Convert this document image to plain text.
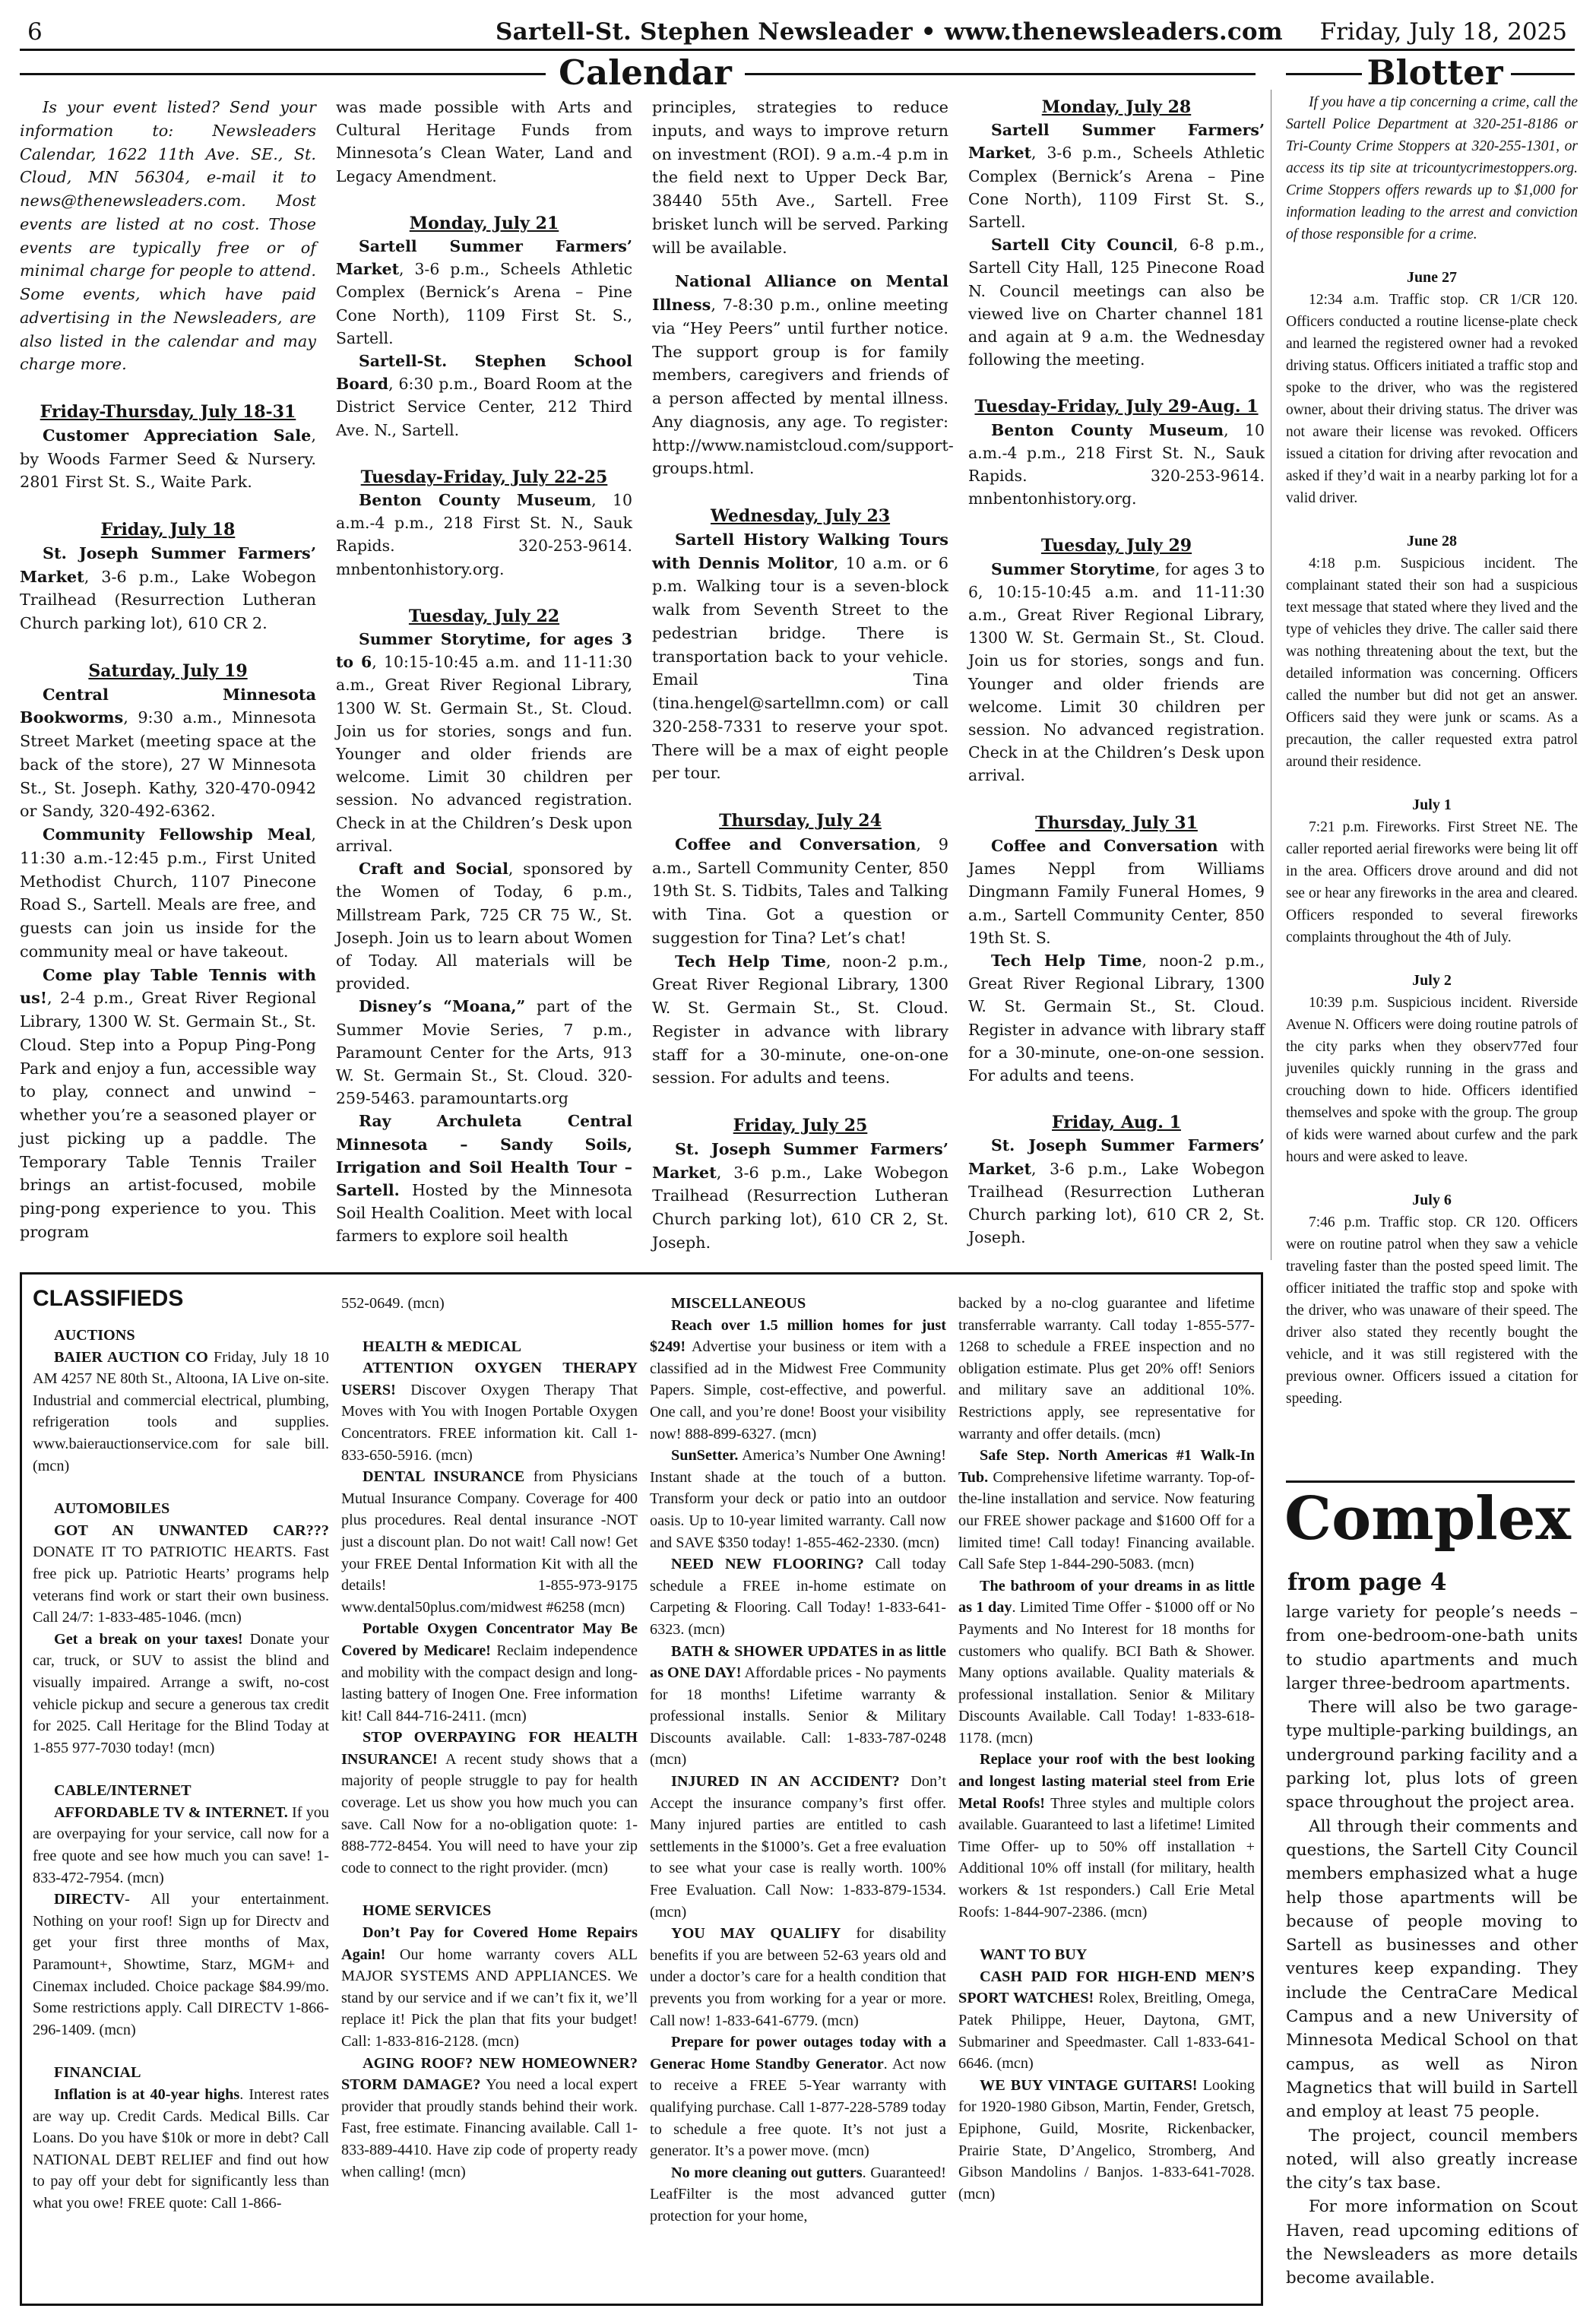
6	Sartell-St. Stephen Newsleader • www.thenewsleaders.com Friday, July 18, 2025
Calendar	Blotter

Is your event listed? Send your information to: Newsleaders Calendar, 1622 11th Ave. SE., St. Cloud, MN 56304, e-mail it to news@thenewsleaders.com. Most events are listed at no cost. Those events are typically free or of minimal charge for people to attend. Some events, which have paid advertising in the Newsleaders, are also listed in the calendar and may charge more.

Friday-Thursday, July 18-31

Customer Appreciation Sale, by Woods Farmer Seed & Nursery. 2801 First St. S., Waite Park.

Friday, July 18

St. Joseph Summer Farmers’ Market, 3-6 p.m., Lake Wobegon Trailhead (Resurrection Lutheran Church parking lot), 610 CR 2.

Saturday, July 19

Central Minnesota Bookworms, 9:30 a.m., Minnesota Street Market (meeting space at the back of the store), 27 W Minnesota St., St. Joseph. Kathy, 320-470-0942 or Sandy, 320-492-6362.

Community Fellowship Meal, 11:30 a.m.-12:45 p.m., First United Methodist Church, 1107 Pinecone Road S., Sartell. Meals are free, and guests can join us inside for the community meal or have takeout.

Come play Table Tennis with us!, 2-4 p.m., Great River Regional Library, 1300 W. St. Germain St., St. Cloud. Step into a Popup Ping-Pong Park and enjoy a fun, accessible way to play, connect and unwind – whether you’re a seasoned player or just picking up a paddle. The Temporary Table Tennis Trailer brings an artist-focused, mobile ping-pong experience to you. This program

was made possible with Arts and Cultural Heritage Funds from Minnesota’s Clean Water, Land and Legacy Amendment.

Monday, July 21

Sartell Summer Farmers’ Market, 3-6 p.m., Scheels Athletic Complex (Bernick’s Arena – Pine Cone North), 1109 First St. S., Sartell.

Sartell-St. Stephen School Board, 6:30 p.m., Board Room at the District Service Center, 212 Third Ave. N., Sartell.

Tuesday-Friday, July 22-25

Benton County Museum, 10 a.m.-4 p.m., 218 First St. N., Sauk Rapids. 320-253-9614. mnbentonhistory.org.

Tuesday, July 22

Summer Storytime, for ages 3 to 6, 10:15-10:45 a.m. and 11-11:30 a.m., Great River Regional Library, 1300 W. St. Germain St., St. Cloud. Join us for stories, songs and fun. Younger and older friends are welcome. Limit 30 children per session. No advanced registration. Check in at the Children’s Desk upon arrival.

Craft and Social, sponsored by the Women of Today, 6 p.m., Millstream Park, 725 CR 75 W., St. Joseph. Join us to learn about Women of Today. All materials will be provided.

Disney’s “Moana,” part of the Summer Movie Series, 7 p.m., Paramount Center for the Arts, 913 W. St. Germain St., St. Cloud. 320-259-5463. paramountarts.org

Ray Archuleta Central Minnesota – Sandy Soils, Irrigation and Soil Health Tour – Sartell. Hosted by the Minnesota Soil Health Coalition. Meet with local farmers to explore soil health

principles, strategies to reduce inputs, and ways to improve return on investment (ROI). 9 a.m.-4 p.m in the field next to Upper Deck Bar, 38440 55th Ave., Sartell. Free brisket lunch will be served. Parking will be available.

National Alliance on Mental Illness, 7-8:30 p.m., online meeting via “Hey Peers” until further notice. The support group is for family members, caregivers and friends of a person affected by mental illness. Any diagnosis, any age. To register: http://www.namistcloud.com/support-groups.html.

Wednesday, July 23

Sartell History Walking Tours with Dennis Molitor, 10 a.m. or 6 p.m. Walking tour is a seven-block walk from Seventh Street to the pedestrian bridge. There is transportation back to your vehicle. Email Tina (tina.hengel@sartellmn.com) or call 320-258-7331 to reserve your spot. There will be a max of eight people per tour.

Thursday, July 24

Coffee and Conversation, 9 a.m., Sartell Community Center, 850 19th St. S. Tidbits, Tales and Talking with Tina. Got a question or suggestion for Tina? Let’s chat!

Tech Help Time, noon-2 p.m., Great River Regional Library, 1300 W. St. Germain St., St. Cloud. Register in advance with library staff for a 30-minute, one-on-one session. For adults and teens.

Friday, July 25

St. Joseph Summer Farmers’ Market, 3-6 p.m., Lake Wobegon Trailhead (Resurrection Lutheran Church parking lot), 610 CR 2, St. Joseph.

Monday, July 28

Sartell Summer Farmers’ Market, 3-6 p.m., Scheels Athletic Complex (Bernick’s Arena – Pine Cone North), 1109 First St. S., Sartell.

Sartell City Council, 6-8 p.m., Sartell City Hall, 125 Pinecone Road N. Council meetings can also be viewed live on Charter channel 181 and again at 9 a.m. the Wednesday following the meeting.

Tuesday-Friday, July 29-Aug. 1

Benton County Museum, 10 a.m.-4 p.m., 218 First St. N., Sauk Rapids. 320-253-9614. mnbentonhistory.org.

Tuesday, July 29

Summer Storytime, for ages 3 to 6, 10:15-10:45 a.m. and 11-11:30 a.m., Great River Regional Library, 1300 W. St. Germain St., St. Cloud. Join us for stories, songs and fun. Younger and older friends are welcome. Limit 30 children per session. No advanced registration. Check in at the Children’s Desk upon arrival.

Thursday, July 31

Coffee and Conversation with James Neppl from Williams Dingmann Family Funeral Homes, 9 a.m., Sartell Community Center, 850 19th St. S.

Tech Help Time, noon-2 p.m., Great River Regional Library, 1300 W. St. Germain St., St. Cloud. Register in advance with library staff for a 30-minute, one-on-one session. For adults and teens.

Friday, Aug. 1

St. Joseph Summer Farmers’ Market, 3-6 p.m., Lake Wobegon Trailhead (Resurrection Lutheran Church parking lot), 610 CR 2, St. Joseph.

If you have a tip concerning a crime, call the Sartell Police Department at 320-251-8186 or Tri-County Crime Stoppers at 320-255-1301, or access its tip site at tricountycrimestoppers.org. Crime Stoppers offers rewards up to $1,000 for information leading to the arrest and conviction of those responsible for a crime.

June 27

12:34 a.m. Traffic stop. CR 1/CR 120. Officers conducted a routine license-plate check and learned the registered owner had a revoked driving status. Officers initiated a traffic stop and spoke to the driver, who was the registered owner, about their driving status. The driver was not aware their license was revoked. Officers issued a citation for driving after revocation and asked if they’d wait in a nearby parking lot for a valid driver.

June 28

4:18 p.m. Suspicious incident. The complainant stated their son had a suspicious text message that stated where they lived and the type of vehicles they drive. The caller said there was nothing threatening about the text, but the detailed information was concerning. Officers called the number but did not get an answer. Officers said they were junk or scams. As a precaution, the caller requested extra patrol around their residence.

July 1

7:21 p.m. Fireworks. First Street NE. The caller reported aerial fireworks were being lit off in the area. Officers drove around and did not see or hear any fireworks in the area and cleared. Officers responded to several fireworks complaints throughout the 4th of July.

July 2

10:39 p.m. Suspicious incident. Riverside Avenue N. Officers were doing routine patrols of the city parks when they observ77ed four juveniles quickly running in the grass and crouching down to hide. Officers identified themselves and spoke with the group. The group of kids were warned about curfew and the park hours and were asked to leave.

July 6

7:46 p.m. Traffic stop. CR 120. Officers were on routine patrol when they saw a vehicle traveling faster than the posted speed limit. The officer initiated the traffic stop and spoke with the driver, who was unaware of their speed. The driver also stated they recently bought the vehicle, and it was still registered with the previous owner. Officers issued a citation for speeding.

CLASSIFIEDS
AUCTIONS

BAIER AUCTION CO Friday, July 18 10 AM 4257 NE 80th St., Altoona, IA Live on-site. Industrial and commercial electrical, plumbing, refrigeration tools and supplies. www.baierauctionservice.com for sale bill. (mcn)

AUTOMOBILES

GOT AN UNWANTED CAR??? DONATE IT TO PATRIOTIC HEARTS. Fast free pick up. Patriotic Hearts’ programs help veterans find work or start their own business. Call 24/7: 1-833-485-1046. (mcn)

Get a break on your taxes! Donate your car, truck, or SUV to assist the blind and visually impaired. Arrange a swift, no-cost vehicle pickup and secure a generous tax credit for 2025. Call Heritage for the Blind Today at 1-855 977-7030 today! (mcn)

CABLE/INTERNET

AFFORDABLE TV & INTERNET. If you are overpaying for your service, call now for a free quote and see how much you can save! 1-833-472-7954. (mcn)

DIRECTV- All your entertainment. Nothing on your roof! Sign up for Directv and get your first three months of Max, Paramount+, Showtime, Starz, MGM+ and Cinemax included. Choice package $84.99/mo. Some restrictions apply. Call DIRECTV 1-866-296-1409. (mcn)

FINANCIAL

Inflation is at 40-year highs. Interest rates are way up. Credit Cards. Medical Bills. Car Loans. Do you have $10k or more in debt? Call NATIONAL DEBT RELIEF and find out how to pay off your debt for significantly less than what you owe! FREE quote: Call 1-866-

552-0649. (mcn)

HEALTH & MEDICAL

ATTENTION OXYGEN THERAPY USERS! Discover Oxygen Therapy That Moves with You with Inogen Portable Oxygen Concentrators. FREE information kit. Call 1-833-650-5916. (mcn)

DENTAL INSURANCE from Physicians Mutual Insurance Company. Coverage for 400 plus procedures. Real dental insurance -NOT just a discount plan. Do not wait! Call now! Get your FREE Dental Information Kit with all the details! 1-855-973-9175 www.dental50plus.com/midwest #6258 (mcn)

Portable Oxygen Concentrator May Be Covered by Medicare! Reclaim independence and mobility with the compact design and long-lasting battery of Inogen One. Free information kit! Call 844-716-2411. (mcn)

STOP OVERPAYING FOR HEALTH INSURANCE! A recent study shows that a majority of people struggle to pay for health coverage. Let us show you how much you can save. Call Now for a no-obligation quote: 1-888-772-8454. You will need to have your zip code to connect to the right provider. (mcn)

HOME SERVICES

Don’t Pay for Covered Home Repairs Again! Our home warranty covers ALL MAJOR SYSTEMS AND APPLIANCES. We stand by our service and if we can’t fix it, we’ll replace it! Pick the plan that fits your budget! Call: 1-833-816-2128. (mcn)

AGING ROOF? NEW HOMEOWNER? STORM DAMAGE? You need a local expert provider that proudly stands behind their work. Fast, free estimate. Financing available. Call 1-833-889-4410. Have zip code of property ready when calling! (mcn)

MISCELLANEOUS

Reach over 1.5 million homes for just $249! Advertise your business or item with a classified ad in the Midwest Free Community Papers. Simple, cost-effective, and powerful. One call, and you’re done! Boost your visibility now! 888-899-6327. (mcn)

SunSetter. America’s Number One Awning! Instant shade at the touch of a button. Transform your deck or patio into an outdoor oasis. Up to 10-year limited warranty. Call now and SAVE $350 today! 1-855-462-2330. (mcn)

NEED NEW FLOORING? Call today schedule a FREE in-home estimate on Carpeting & Flooring. Call Today! 1-833-641-6323. (mcn)

BATH & SHOWER UPDATES in as little as ONE DAY! Affordable prices - No payments for 18 months! Lifetime warranty & professional installs. Senior & Military Discounts available. Call: 1-833-787-0248 (mcn)

INJURED IN AN ACCIDENT? Don’t Accept the insurance company’s first offer. Many injured parties are entitled to cash settlements in the $1000’s. Get a free evaluation to see what your case is really worth. 100% Free Evaluation. Call Now: 1-833-879-1534. (mcn)

YOU MAY QUALIFY for disability benefits if you are between 52-63 years old and under a doctor’s care for a health condition that prevents you from working for a year or more. Call now! 1-833-641-6779. (mcn)

Prepare for power outages today with a Generac Home Standby Generator. Act now to receive a FREE 5-Year warranty with qualifying purchase. Call 1-877-228-5789 today to schedule a free quote. It’s not just a generator. It’s a power move. (mcn)

No more cleaning out gutters. Guaranteed! LeafFilter is the most advanced gutter protection for your home,

backed by a no-clog guarantee and lifetime transferrable warranty. Call today 1-855-577-1268 to schedule a FREE inspection and no obligation estimate. Plus get 20% off! Seniors and military save an additional 10%. Restrictions apply, see representative for warranty and offer details. (mcn)

Safe Step. North Americas #1 Walk-In Tub. Comprehensive lifetime warranty. Top-of-the-line installation and service. Now featuring our FREE shower package and $1600 Off for a limited time! Call today! Financing available. Call Safe Step 1-844-290-5083. (mcn)

The bathroom of your dreams in as little as 1 day. Limited Time Offer - $1000 off or No Payments and No Interest for 18 months for customers who qualify. BCI Bath & Shower. Many options available. Quality materials & professional installation. Senior & Military Discounts Available. Call Today! 1-833-618-1178. (mcn)

Replace your roof with the best looking and longest lasting material steel from Erie Metal Roofs! Three styles and multiple colors available. Guaranteed to last a lifetime! Limited Time Offer- up to 50% off installation + Additional 10% off install (for military, health workers & 1st responders.) Call Erie Metal Roofs: 1-844-907-2386. (mcn)

WANT TO BUY

CASH PAID FOR HIGH-END MEN’S SPORT WATCHES! Rolex, Breitling, Omega, Patek Philippe, Heuer, Daytona, GMT, Submariner and Speedmaster. Call 1-833-641-6646. (mcn)

WE BUY VINTAGE GUITARS! Looking for 1920-1980 Gibson, Martin, Fender, Gretsch, Epiphone, Guild, Mosrite, Rickenbacker, Prairie State, D’Angelico, Stromberg, And Gibson Mandolins / Banjos. 1-833-641-7028. (mcn)

Complex
from page 4

large variety for people’s needs – from one-bedroom-one-bath units to studio apartments and much larger three-bedroom apartments.

There will also be two garage-type multiple-parking buildings, an underground parking facility and a parking lot, plus lots of green space throughout the project area.

All through their comments and questions, the Sartell City Council members emphasized what a huge help those apartments will be because of people moving to Sartell as businesses and other ventures keep expanding. They include the CentraCare Medical Campus and a new University of Minnesota Medical School on that campus, as well as Niron Magnetics that will build in Sartell and employ at least 75 people.

The project, council members noted, will also greatly increase the city’s tax base.

For more information on Scout Haven, read upcoming editions of the Newsleaders as more details become available.
